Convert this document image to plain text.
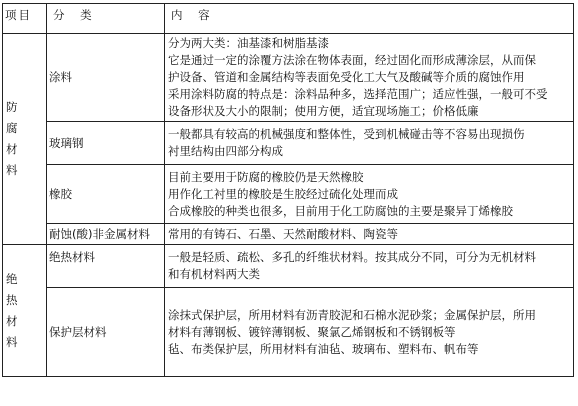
项目	分 类	内 容
防腐材料	涂料	分为两大类：油基漆和树脂基漆
它是通过一定的涂覆方法涂在物体表面，经过固化而形成薄涂层，从而保
护设备、管道和金属结构等表面免受化工大气及酸碱等介质的腐蚀作用
采用涂料防腐的特点是：涂料品种多，选择范围广；适应性强，一般可不受
设备形状及大小的限制；使用方便，适宜现场施工；价格低廉

	玻璃钢	一般都具有较高的机械强度和整体性，受到机械碰击等不容易出现损伤
衬里结构由四部分构成

	橡胶	目前主要用于防腐的橡胶仍是天然橡胶
用作化工衬里的橡胶是生胶经过硫化处理而成
合成橡胶的种类也很多，目前用于化工防腐蚀的主要是聚异丁烯橡胶

	耐蚀(酸)非金属材料	常用的有铸石、石墨、天然耐酸材料、陶瓷等

绝热材料	绝热材料	一般是轻质、疏松、多孔的纤维状材料。按其成分不同，可分为无机材料
和有机材料两大类

	保护层材料	涂抹式保护层，所用材料有沥青胶泥和石棉水泥砂浆；金属保护层，所用
材料有薄钢板、镀锌薄钢板、聚氯乙烯钢板和不锈钢板等
毡、布类保护层，所用材料有油毡、玻璃布、塑料布、帆布等
